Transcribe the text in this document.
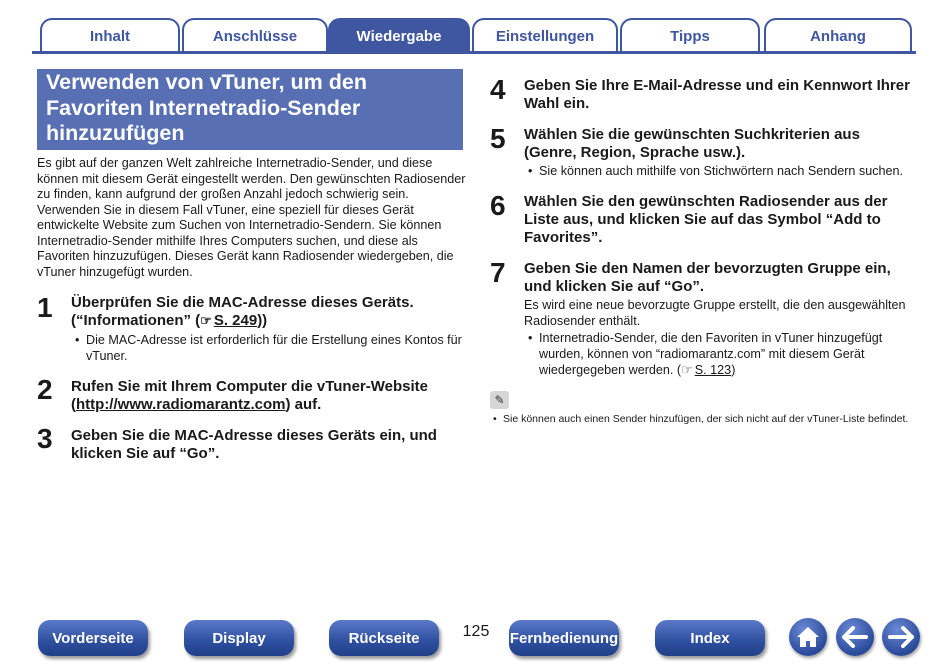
Inhalt	Anschlüsse	Wiedergabe	Einstellungen	Tipps	Anhang
Verwenden von vTuner, um den Favoriten Internetradio-Sender hinzuzufügen

Es gibt auf der ganzen Welt zahlreiche Internetradio-Sender, und diese können mit diesem Gerät eingestellt werden. Den gewünschten Radiosender zu finden, kann aufgrund der großen Anzahl jedoch schwierig sein. Verwenden Sie in diesem Fall vTuner, eine speziell für dieses Gerät entwickelte Website zum Suchen von Internetradio-Sendern. Sie können Internetradio-Sender mithilfe Ihres Computers suchen, und diese als Favoriten hinzuzufügen. Dieses Gerät kann Radiosender wiedergeben, die vTuner hinzugefügt wurden.

1 Überprüfen Sie die MAC-Adresse dieses Geräts.
(“Informationen” (☞ S. 249))
• Die MAC-Adresse ist erforderlich für die Erstellung eines Kontos für vTuner.
2 Rufen Sie mit Ihrem Computer die vTuner-Website
(http://www.radiomarantz.com) auf.
3 Geben Sie die MAC-Adresse dieses Geräts ein, und klicken Sie auf “Go”.
4 Geben Sie Ihre E-Mail-Adresse und ein Kennwort Ihrer Wahl ein.
5 Wählen Sie die gewünschten Suchkriterien aus (Genre, Region, Sprache usw.).
• Sie können auch mithilfe von Stichwörtern nach Sendern suchen.
6 Wählen Sie den gewünschten Radiosender aus der Liste aus, und klicken Sie auf das Symbol “Add to Favorites”.
7 Geben Sie den Namen der bevorzugten Gruppe ein, und klicken Sie auf “Go”.
Es wird eine neue bevorzugte Gruppe erstellt, die den ausgewählten Radiosender enthält.
• Internetradio-Sender, die den Favoriten in vTuner hinzugefügt wurden, können von “radiomarantz.com” mit diesem Gerät wiedergegeben werden. (☞ S. 123)
✎
• Sie können auch einen Sender hinzufügen, der sich nicht auf der vTuner-Liste befindet.
Vorderseite	Display	Rückseite	125	Fernbedienung	Index
